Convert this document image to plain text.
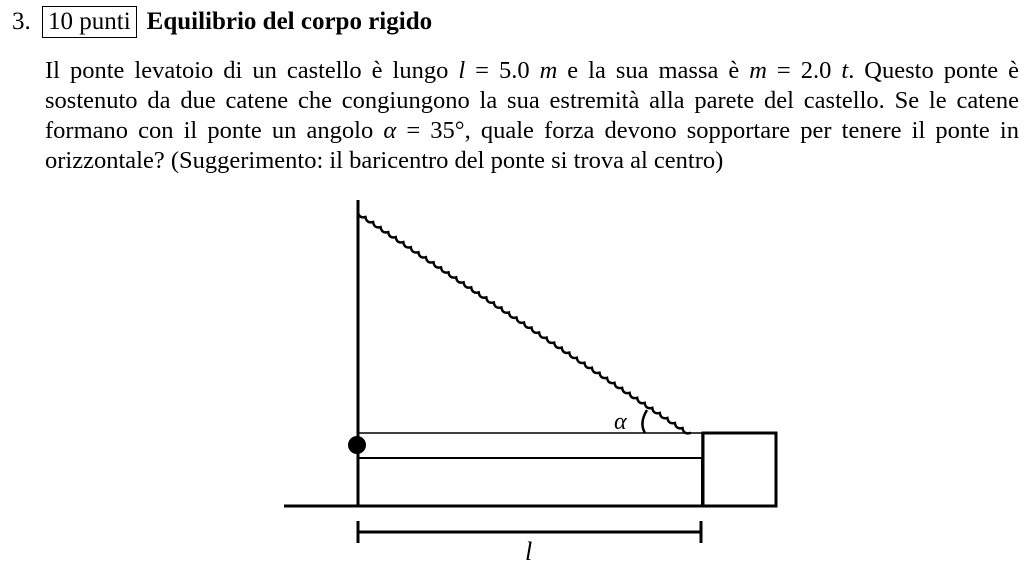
3. 10 punti Equilibrio del corpo rigido

Il ponte levatoio di un castello è lungo l = 5.0 m e la sua massa è m = 2.0 t. Questo ponte è sostenuto da due catene che congiungono la sua estremità alla parete del castello. Se le catene formano con il ponte un angolo α = 35°, quale forza devono sopportare per tenere il ponte in orizzontale? (Suggerimento: il baricentro del ponte si trova al centro)

α
l
